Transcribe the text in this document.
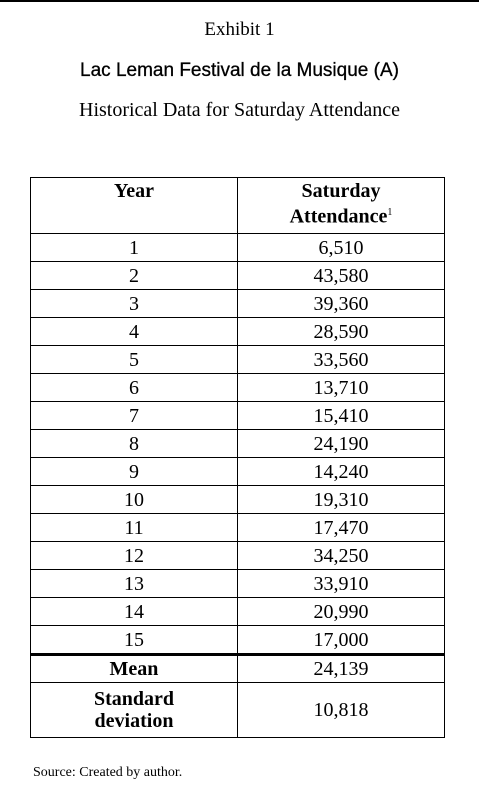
Exhibit 1
Lac Leman Festival de la Musique (A)
Historical Data for Saturday Attendance
Year	Saturday
Attendance$^1$
1	6,510
2	43,580
3	39,360
4	28,590
5	33,560
6	13,710
7	15,410
8	24,190
9	14,240
10	19,310
11	17,470
12	34,250
13	33,910
14	20,990
15	17,000
Mean	24,139
Standard
deviation	10,818
Source: Created by author.
